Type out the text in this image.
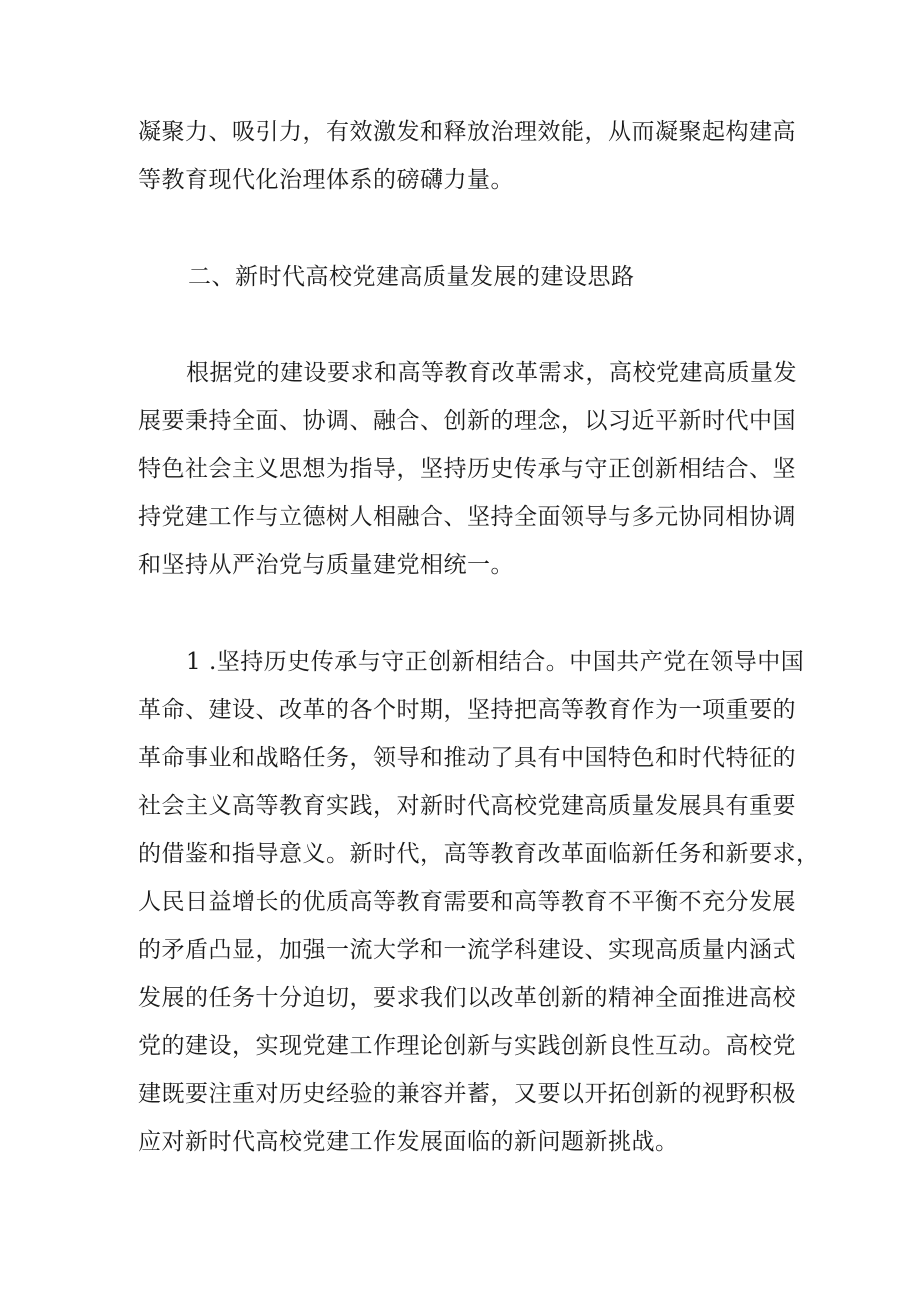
凝聚力、吸引力，有效激发和释放治理效能，从而凝聚起构建高
等教育现代化治理体系的磅礴力量。
二、新时代高校党建高质量发展的建设思路
根据党的建设要求和高等教育改革需求，高校党建高质量发
展要秉持全面、协调、融合、创新的理念，以习近平新时代中国
特色社会主义思想为指导，坚持历史传承与守正创新相结合、坚
持党建工作与立德树人相融合、坚持全面领导与多元协同相协调
和坚持从严治党与质量建党相统一。
1 .坚持历史传承与守正创新相结合。中国共产党在领导中国
革命、建设、改革的各个时期，坚持把高等教育作为一项重要的
革命事业和战略任务，领导和推动了具有中国特色和时代特征的
社会主义高等教育实践，对新时代高校党建高质量发展具有重要
的借鉴和指导意义。新时代，高等教育改革面临新任务和新要求，
人民日益增长的优质高等教育需要和高等教育不平衡不充分发展
的矛盾凸显，加强一流大学和一流学科建设、实现高质量内涵式
发展的任务十分迫切，要求我们以改革创新的精神全面推进高校
党的建设，实现党建工作理论创新与实践创新良性互动。高校党
建既要注重对历史经验的兼容并蓄，又要以开拓创新的视野积极
应对新时代高校党建工作发展面临的新问题新挑战。
